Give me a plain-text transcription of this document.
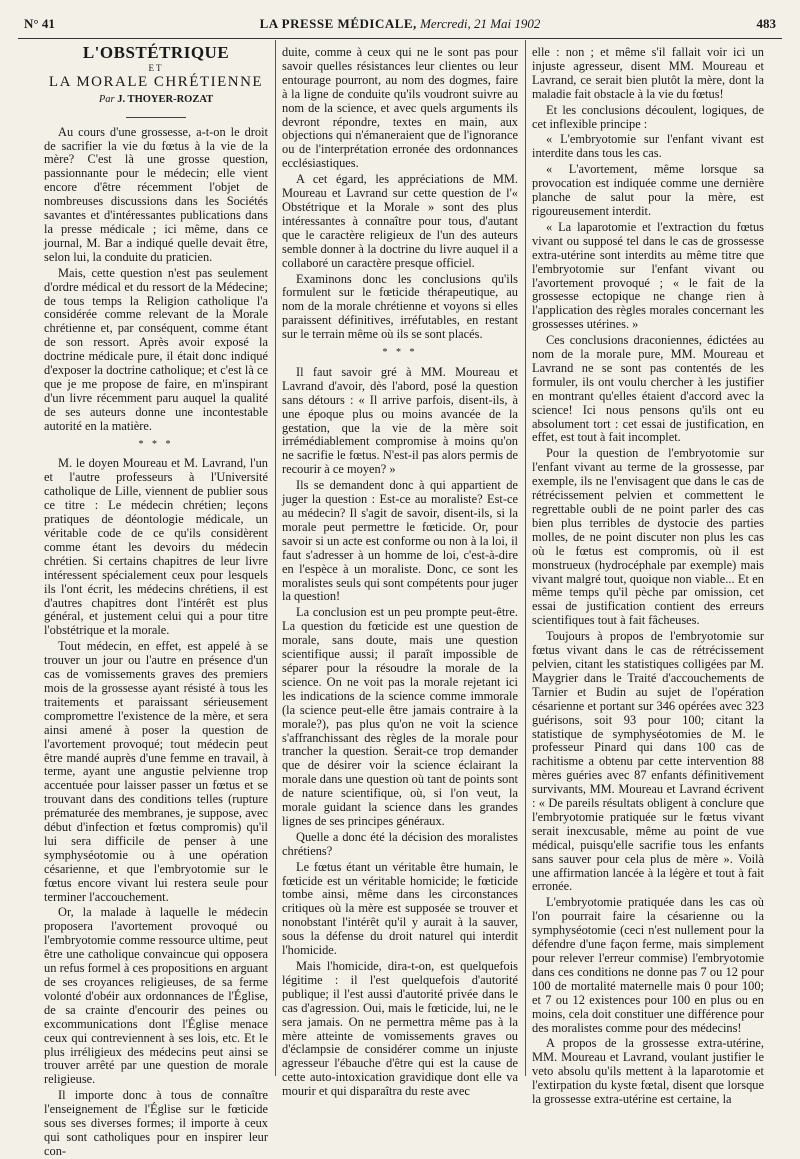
N° 41	LA PRESSE MÉDICALE, Mercredi, 21 Mai 1902	483
L'OBSTÉTRIQUE
ET
LA MORALE CHRÉTIENNE
Par J. THOYER-ROZAT

Au cours d'une grossesse, a-t-on le droit de sacrifier la vie du fœtus à la vie de la mère? C'est là une grosse question, passionnante pour le médecin; elle vient encore d'être récemment l'objet de nombreuses discussions dans les Sociétés savantes et d'intéressantes publications dans la presse médicale ; ici même, dans ce journal, M. Bar a indiqué quelle devait être, selon lui, la conduite du praticien.

Mais, cette question n'est pas seulement d'ordre médical et du ressort de la Médecine; de tous temps la Religion catholique l'a considérée comme relevant de la Morale chrétienne et, par conséquent, comme étant de son ressort. Après avoir exposé la doctrine médicale pure, il était donc indiqué d'exposer la doctrine catholique; et c'est là ce que je me propose de faire, en m'inspirant d'un livre récemment paru auquel la qualité de ses auteurs donne une incontestable autorité en la matière.

* * *

M. le doyen Moureau et M. Lavrand, l'un et l'autre professeurs à l'Université catholique de Lille, viennent de publier sous ce titre : Le médecin chrétien; leçons pratiques de déontologie médicale, un véritable code de ce qu'ils considèrent comme étant les devoirs du médecin chrétien. Si certains chapitres de leur livre intéressent spécialement ceux pour lesquels ils l'ont écrit, les médecins chrétiens, il est d'autres chapitres dont l'intérêt est plus général, et justement celui qui a pour titre l'obstétrique et la morale.

Tout médecin, en effet, est appelé à se trouver un jour ou l'autre en présence d'un cas de vomissements graves des premiers mois de la grossesse ayant résisté à tous les traitements et paraissant sérieusement compromettre l'existence de la mère, et sera ainsi amené à poser la question de l'avortement provoqué; tout médecin peut être mandé auprès d'une femme en travail, à terme, ayant une angustie pelvienne trop accentuée pour laisser passer un fœtus et se trouvant dans des conditions telles (rupture prématurée des membranes, je suppose, avec début d'infection et fœtus compromis) qu'il lui sera difficile de penser à une symphyséotomie ou à une opération césarienne, et que l'embryotomie sur le fœtus encore vivant lui restera seule pour terminer l'accouchement.

Or, la malade à laquelle le médecin proposera l'avortement provoqué ou l'embryotomie comme ressource ultime, peut être une catholique convaincue qui opposera un refus formel à ces propositions en arguant de ses croyances religieuses, de sa ferme volonté d'obéir aux ordonnances de l'Église, de sa crainte d'encourir des peines ou excommunications dont l'Église menace ceux qui contreviennent à ses lois, etc. Et le plus irréligieux des médecins peut ainsi se trouver arrêté par une question de morale religieuse.

Il importe donc à tous de connaître l'enseignement de l'Église sur le fœticide sous ses diverses formes; il importe à ceux qui sont catholiques pour en inspirer leur con-

duite, comme à ceux qui ne le sont pas pour savoir quelles résistances leur clientes ou leur entourage pourront, au nom des dogmes, faire à la ligne de conduite qu'ils voudront suivre au nom de la science, et avec quels arguments ils devront répondre, textes en main, aux objections qui n'émaneraient que de l'ignorance ou de l'interprétation erronée des ordonnances ecclésiastiques.

A cet égard, les appréciations de MM. Moureau et Lavrand sur cette question de l'« Obstétrique et la Morale » sont des plus intéressantes à connaître pour tous, d'autant que le caractère religieux de l'un des auteurs semble donner à la doctrine du livre auquel il a collaboré un caractère presque officiel.

Examinons donc les conclusions qu'ils formulent sur le fœticide thérapeutique, au nom de la morale chrétienne et voyons si elles paraissent définitives, irréfutables, en restant sur le terrain même où ils se sont placés.

* * *

Il faut savoir gré à MM. Moureau et Lavrand d'avoir, dès l'abord, posé la question sans détours : « Il arrive parfois, disent-ils, à une époque plus ou moins avancée de la gestation, que la vie de la mère soit irrémédiablement compromise à moins qu'on ne sacrifie le fœtus. N'est-il pas alors permis de recourir à ce moyen? »

Ils se demandent donc à qui appartient de juger la question : Est-ce au moraliste? Est-ce au médecin? Il s'agit de savoir, disent-ils, si la morale peut permettre le fœticide. Or, pour savoir si un acte est conforme ou non à la loi, il faut s'adresser à un homme de loi, c'est-à-dire en l'espèce à un moraliste. Donc, ce sont les moralistes seuls qui sont compétents pour juger la question!

La conclusion est un peu prompte peut-être. La question du fœticide est une question de morale, sans doute, mais une question scientifique aussi; il paraît impossible de séparer pour la résoudre la morale de la science. On ne voit pas la morale rejetant ici les indications de la science comme immorale (la science peut-elle être jamais contraire à la morale?), pas plus qu'on ne voit la science s'affranchissant des règles de la morale pour trancher la question. Serait-ce trop demander que de désirer voir la science éclairant la morale dans une question où tant de points sont de nature scientifique, où, si l'on veut, la morale guidant la science dans les grandes lignes de ses principes généraux.

Quelle a donc été la décision des moralistes chrétiens?

Le fœtus étant un véritable être humain, le fœticide est un véritable homicide; le fœticide tombe ainsi, même dans les circonstances critiques où la mère est supposée se trouver et nonobstant l'intérêt qu'il y aurait à la sauver, sous la défense du droit naturel qui interdit l'homicide.

Mais l'homicide, dira-t-on, est quelquefois légitime : il l'est quelquefois d'autorité publique; il l'est aussi d'autorité privée dans le cas d'agression. Oui, mais le fœticide, lui, ne le sera jamais. On ne permettra même pas à la mère atteinte de vomissements graves ou d'éclampsie de considérer comme un injuste agresseur l'ébauche d'être qui est la cause de cette auto-intoxication gravidique dont elle va mourir et qui disparaîtra du reste avec

elle : non ; et même s'il fallait voir ici un injuste agresseur, disent MM. Moureau et Lavrand, ce serait bien plutôt la mère, dont la maladie fait obstacle à la vie du fœtus!

Et les conclusions découlent, logiques, de cet inflexible principe :

« L'embryotomie sur l'enfant vivant est interdite dans tous les cas.

« L'avortement, même lorsque sa provocation est indiquée comme une dernière planche de salut pour la mère, est rigoureusement interdit.

« La laparotomie et l'extraction du fœtus vivant ou supposé tel dans le cas de grossesse extra-utérine sont interdits au même titre que l'embryotomie sur l'enfant vivant ou l'avortement provoqué ; « le fait de la grossesse ectopique ne change rien à l'application des règles morales concernant les grossesses utérines. »

Ces conclusions draconiennes, édictées au nom de la morale pure, MM. Moureau et Lavrand ne se sont pas contentés de les formuler, ils ont voulu chercher à les justifier en montrant qu'elles étaient d'accord avec la science! Ici nous pensons qu'ils ont eu absolument tort : cet essai de justification, en effet, est tout à fait incomplet.

Pour la question de l'embryotomie sur l'enfant vivant au terme de la grossesse, par exemple, ils ne l'envisagent que dans le cas de rétrécissement pelvien et commettent le regrettable oubli de ne point parler des cas bien plus terribles de dystocie des parties molles, de ne point discuter non plus les cas où le fœtus est compromis, où il est monstrueux (hydrocéphale par exemple) mais vivant malgré tout, quoique non viable... Et en même temps qu'il pèche par omission, cet essai de justification contient des erreurs scientifiques tout à fait fâcheuses.

Toujours à propos de l'embryotomie sur fœtus vivant dans le cas de rétrécissement pelvien, citant les statistiques colligées par M. Maygrier dans le Traité d'accouchements de Tarnier et Budin au sujet de l'opération césarienne et portant sur 346 opérées avec 323 guérisons, soit 93 pour 100; citant la statistique de symphyséotomies de M. le professeur Pinard qui dans 100 cas de rachitisme a obtenu par cette intervention 88 mères guéries avec 87 enfants définitivement survivants, MM. Moureau et Lavrand écrivent : « De pareils résultats obligent à conclure que l'embryotomie pratiquée sur le fœtus vivant serait inexcusable, même au point de vue médical, puisqu'elle sacrifie tous les enfants sans sauver pour cela plus de mère ». Voilà une affirmation lancée à la légère et tout à fait erronée.

L'embryotomie pratiquée dans les cas où l'on pourrait faire la césarienne ou la symphyséotomie (ceci n'est nullement pour la défendre d'une façon ferme, mais simplement pour relever l'erreur commise) l'embryotomie dans ces conditions ne donne pas 7 ou 12 pour 100 de mortalité maternelle mais 0 pour 100; et 7 ou 12 existences pour 100 en plus ou en moins, cela doit constituer une différence pour des moralistes comme pour des médecins!

A propos de la grossesse extra-utérine, MM. Moureau et Lavrand, voulant justifier le veto absolu qu'ils mettent à la laparotomie et l'extirpation du kyste fœtal, disent que lorsque la grossesse extra-utérine est certaine, la
